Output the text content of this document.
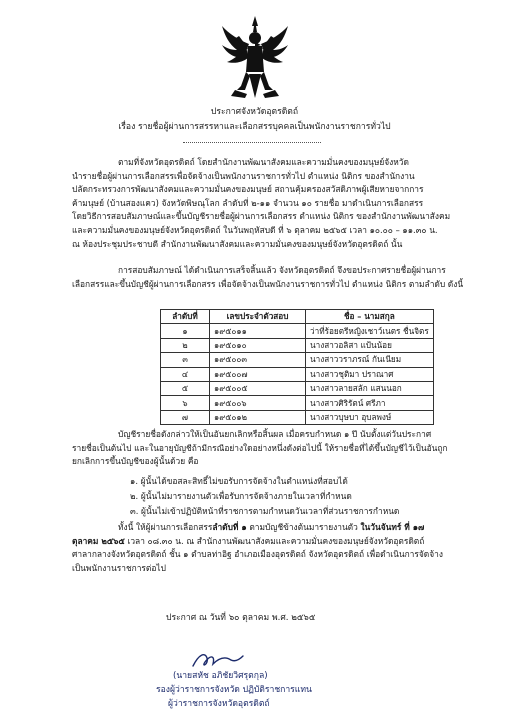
ประกาศจังหวัดอุตรดิตถ์
เรื่อง รายชื่อผู้ผ่านการสรรหาและเลือกสรรบุคคลเป็นพนักงานราชการทั่วไป
ตามที่จังหวัดอุตรดิตถ์ โดยสำนักงานพัฒนาสังคมและความมั่นคงของมนุษย์จังหวัด
นำรายชื่อผู้ผ่านการเลือกสรรเพื่อจัดจ้างเป็นพนักงานราชการทั่วไป ตำแหน่ง นิติกร ของสำนักงาน
ปลัดกระทรวงการพัฒนาสังคมและความมั่นคงของมนุษย์ สถานคุ้มครองสวัสดิภาพผู้เสียหายจากการ
ค้ามนุษย์ (บ้านสองแคว) จังหวัดพิษณุโลก ลำดับที่ ๒-๑๑ จำนวน ๑๐ รายชื่อ มาดำเนินการเลือกสรร
โดยวิธีการสอบสัมภาษณ์และขึ้นบัญชีรายชื่อผู้ผ่านการเลือกสรร ตำแหน่ง นิติกร ของสำนักงานพัฒนาสังคม
และความมั่นคงของมนุษย์จังหวัดอุตรดิตถ์ ในวันพฤหัสบดี ที่ ๖ ตุลาคม ๒๕๖๕ เวลา ๑๐.๐๐ – ๑๑.๓๐ น.
ณ ห้องประชุมประชาบดี สำนักงานพัฒนาสังคมและความมั่นคงของมนุษย์จังหวัดอุตรดิตถ์ นั้น
การสอบสัมภาษณ์ ได้ดำเนินการเสร็จสิ้นแล้ว จังหวัดอุตรดิตถ์ จึงขอประกาศรายชื่อผู้ผ่านการ
เลือกสรรและขึ้นบัญชีผู้ผ่านการเลือกสรร เพื่อจัดจ้างเป็นพนักงานราชการทั่วไป ตำแหน่ง นิติกร ตามลำดับ ดังนี้
ลำดับที่	เลขประจำตัวสอบ	ชื่อ – นามสกุล
๑	๑๙๕๐๑๑	ว่าที่ร้อยตรีหญิงเชาว์เนตร ชื่นจิตร
๒	๑๙๕๐๑๐	นางสาวอลิสา แป้นน้อย
๓	๑๙๕๐๐๓	นางสาววราภรณ์ กันเนียม
๔	๑๙๕๐๐๗	นางสาวชุติมา ปราณาศ
๕	๑๙๕๐๐๕	นางสาวลายสลัก แสนนอก
๖	๑๙๕๐๐๖	นางสาวศิริรัตน์ ศรีภา
๗	๑๙๕๐๑๒	นางสาวบุษบา อุบลพงษ์
บัญชีรายชื่อดังกล่าวให้เป็นอันยกเลิกหรือสิ้นผล เมื่อครบกำหนด ๑ ปี นับตั้งแต่วันประกาศ
รายชื่อเป็นต้นไป และในอายุบัญชีถ้ามีกรณีอย่างใดอย่างหนึ่งดังต่อไปนี้ ให้รายชื่อที่ได้ขึ้นบัญชีไว้เป็นอันถูก
ยกเลิกการขึ้นบัญชีของผู้นั้นด้วย คือ
๑. ผู้นั้นได้ขอสละสิทธิ์ไม่ขอรับการจัดจ้างในตำแหน่งที่สอบได้
๒. ผู้นั้นไม่มารายงานตัวเพื่อรับการจัดจ้างภายในเวลาที่กำหนด
๓. ผู้นั้นไม่เข้าปฏิบัติหน้าที่ราชการตามกำหนดวันเวลาที่ส่วนราชการกำหนด
ทั้งนี้ ให้ผู้ผ่านการเลือกสรรลำดับที่ ๑ ตามบัญชีข้างต้นมารายงานตัว ในวันจันทร์ ที่ ๑๗
ตุลาคม ๒๕๖๕ เวลา ๐๘.๓๐ น. ณ สำนักงานพัฒนาสังคมและความมั่นคงของมนุษย์จังหวัดอุตรดิตถ์
ศาลากลางจังหวัดอุตรดิตถ์ ชั้น ๑ ตำบลท่าอิฐ อำเภอเมืองอุตรดิตถ์ จังหวัดอุตรดิตถ์ เพื่อดำเนินการจัดจ้าง
เป็นพนักงานราชการต่อไป
ประกาศ ณ วันที่ ๖๐ ตุลาคม พ.ศ. ๒๕๖๕
(นายสหัช อภิชัยวิศรุตกุล)
รองผู้ว่าราชการจังหวัด ปฏิบัติราชการแทน
ผู้ว่าราชการจังหวัดอุตรดิตถ์
